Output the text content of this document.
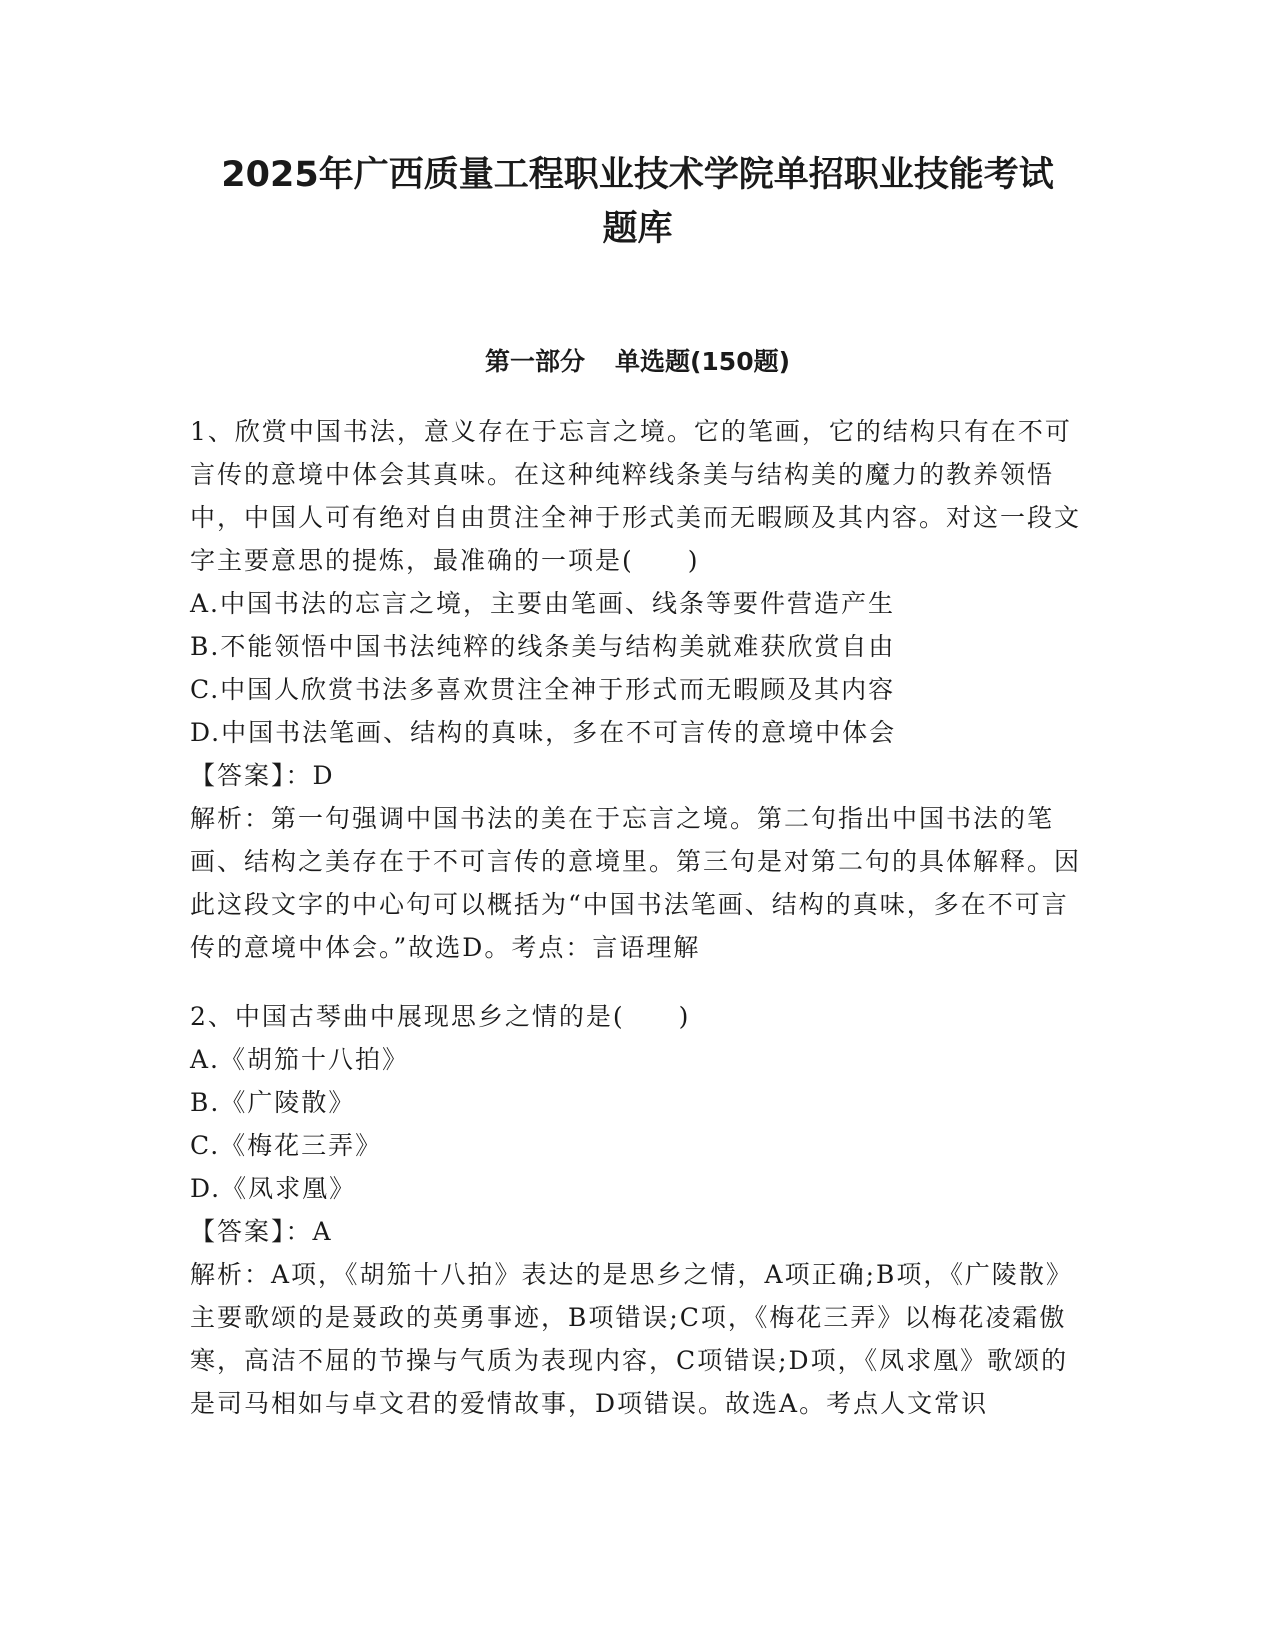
2025年广西质量工程职业技术学院单招职业技能考试
题库
第一部分 单选题(150题)
1、欣赏中国书法，意义存在于忘言之境。它的笔画，它的结构只有在不可言传的意境中体会其真味。在这种纯粹线条美与结构美的魔力的教养领悟中，中国人可有绝对自由贯注全神于形式美而无暇顾及其内容。对这一段文字主要意思的提炼，最准确的一项是(　　)
A.中国书法的忘言之境，主要由笔画、线条等要件营造产生
B.不能领悟中国书法纯粹的线条美与结构美就难获欣赏自由
C.中国人欣赏书法多喜欢贯注全神于形式而无暇顾及其内容
D.中国书法笔画、结构的真味，多在不可言传的意境中体会
【答案】：D
解析：第一句强调中国书法的美在于忘言之境。第二句指出中国书法的笔画、结构之美存在于不可言传的意境里。第三句是对第二句的具体解释。因此这段文字的中心句可以概括为“中国书法笔画、结构的真味，多在不可言传的意境中体会。”故选D。考点：言语理解
2、中国古琴曲中展现思乡之情的是(　　)
A.《胡笳十八拍》
B.《广陵散》
C.《梅花三弄》
D.《凤求凰》
【答案】：A
解析：A项，《胡笳十八拍》表达的是思乡之情，A项正确;B项，《广陵散》主要歌颂的是聂政的英勇事迹，B项错误;C项，《梅花三弄》以梅花凌霜傲寒，高洁不屈的节操与气质为表现内容，C项错误;D项，《凤求凰》歌颂的是司马相如与卓文君的爱情故事，D项错误。故选A。考点人文常识
